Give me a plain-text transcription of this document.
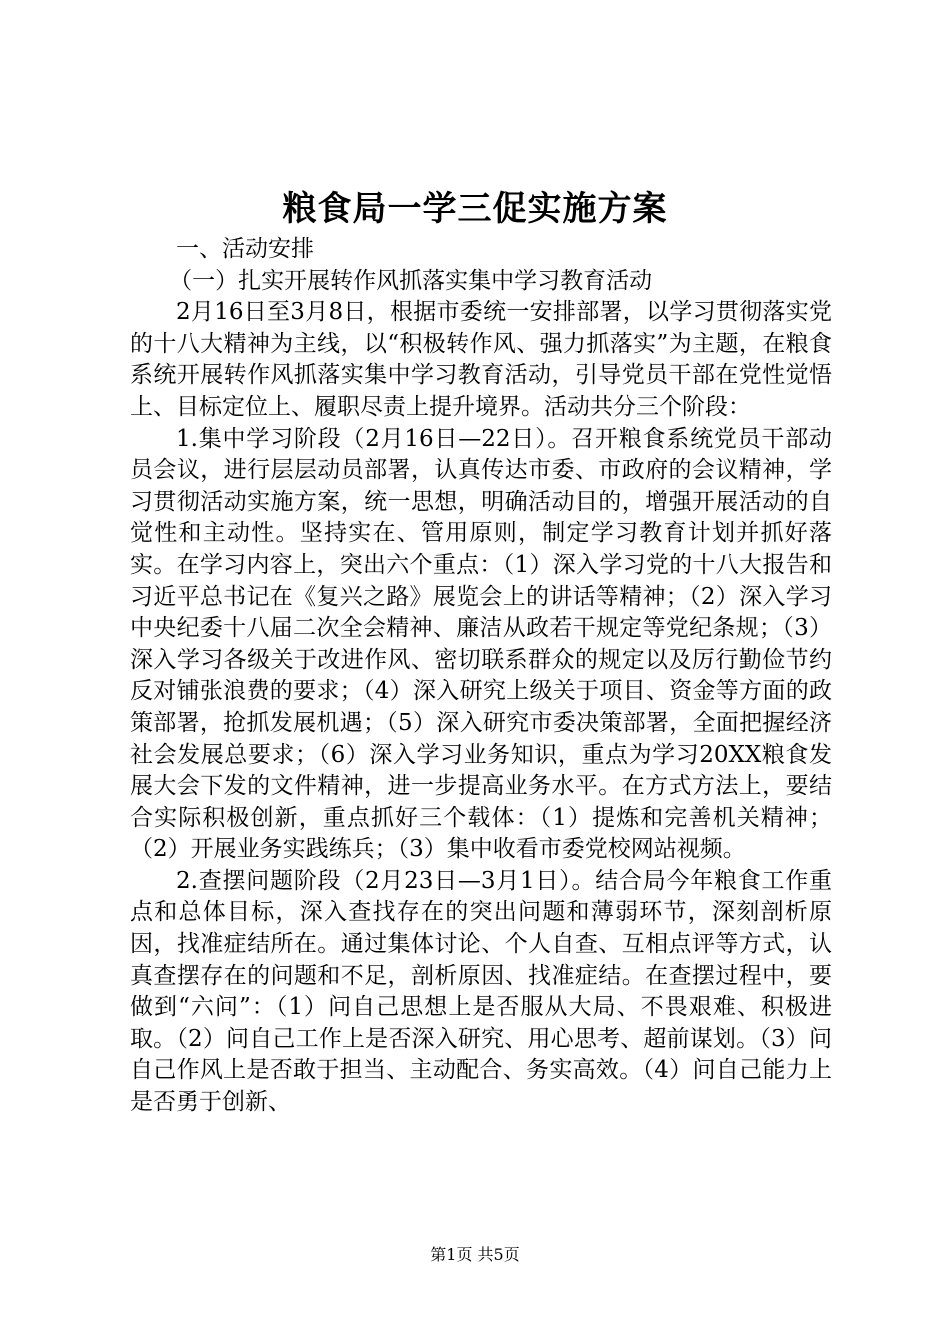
粮食局一学三促实施方案

一、活动安排

（一）扎实开展转作风抓落实集中学习教育活动

2月16日至3月8日，根据市委统一安排部署，以学习贯彻落实党的十八大精神为主线，以“积极转作风、强力抓落实”为主题，在粮食系统开展转作风抓落实集中学习教育活动，引导党员干部在党性觉悟上、目标定位上、履职尽责上提升境界。活动共分三个阶段：

1.集中学习阶段（2月16日—22日）。召开粮食系统党员干部动员会议，进行层层动员部署，认真传达市委、市政府的会议精神，学习贯彻活动实施方案，统一思想，明确活动目的，增强开展活动的自觉性和主动性。坚持实在、管用原则，制定学习教育计划并抓好落实。在学习内容上，突出六个重点：（1）深入学习党的十八大报告和习近平总书记在《复兴之路》展览会上的讲话等精神；（2）深入学习中央纪委十八届二次全会精神、廉洁从政若干规定等党纪条规；（3）深入学习各级关于改进作风、密切联系群众的规定以及厉行勤俭节约反对铺张浪费的要求；（4）深入研究上级关于项目、资金等方面的政策部署，抢抓发展机遇；（5）深入研究市委决策部署，全面把握经济社会发展总要求；（6）深入学习业务知识，重点为学习20XX粮食发展大会下发的文件精神，进一步提高业务水平。在方式方法上，要结合实际积极创新，重点抓好三个载体：（1）提炼和完善机关精神；（2）开展业务实践练兵；（3）集中收看市委党校网站视频。

2.查摆问题阶段（2月23日—3月1日）。结合局今年粮食工作重点和总体目标，深入查找存在的突出问题和薄弱环节，深刻剖析原因，找准症结所在。通过集体讨论、个人自查、互相点评等方式，认真查摆存在的问题和不足，剖析原因、找准症结。在查摆过程中，要做到“六问”：（1）问自己思想上是否服从大局、不畏艰难、积极进取。（2）问自己工作上是否深入研究、用心思考、超前谋划。（3）问自己作风上是否敢于担当、主动配合、务实高效。（4）问自己能力上是否勇于创新、

第1页 共5页
